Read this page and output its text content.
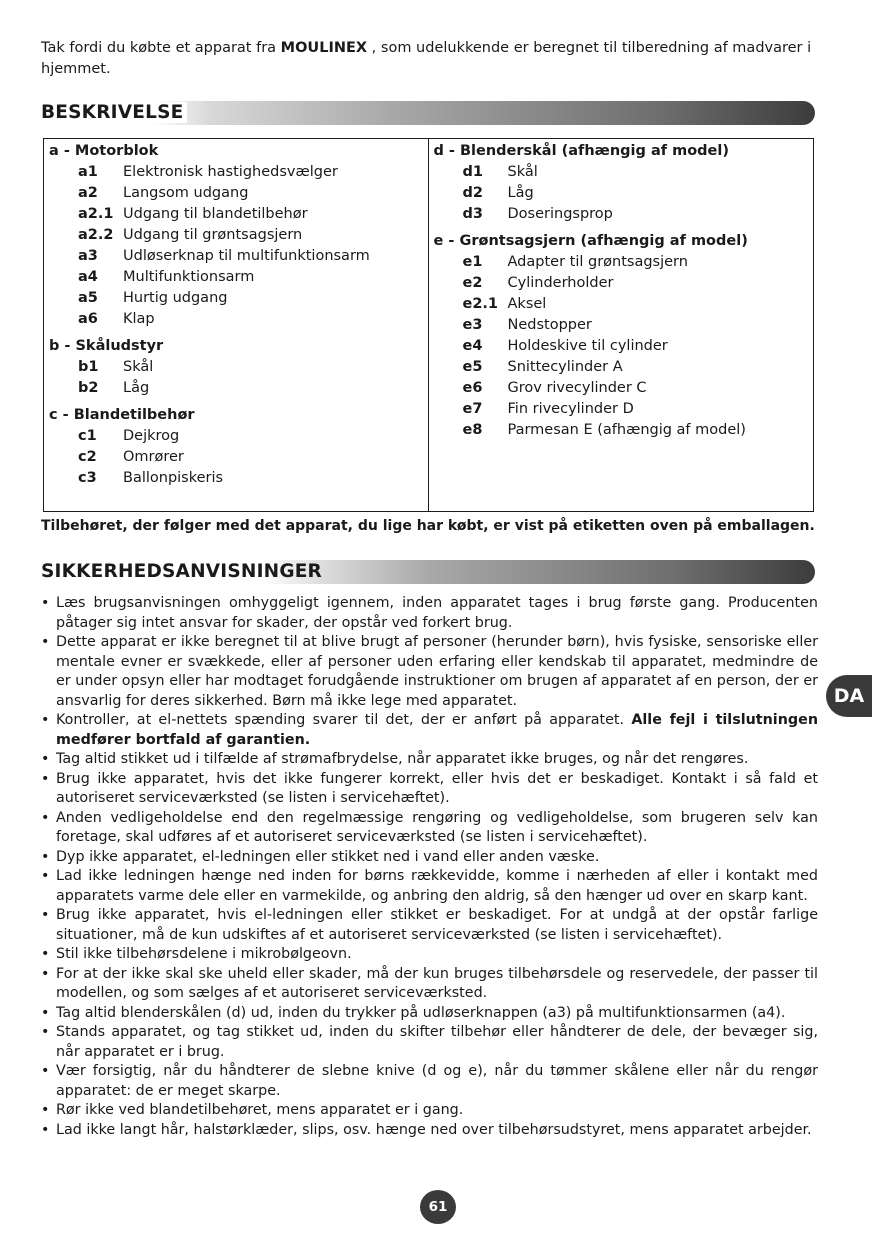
Tak fordi du købte et apparat fra MOULINEX , som udelukkende er beregnet til tilberedning af madvarer i hjemmet.

BESKRIVELSE
a - Motorblok
a1	Elektronisk hastighedsvælger
a2	Langsom udgang
a2.1 Udgang til blandetilbehør
a2.2 Udgang til grøntsagsjern
a3	Udløserknap til multifunktionsarm
a4	Multifunktionsarm
a5	Hurtig udgang
a6	Klap
b - Skåludstyr
b1	Skål
b2	Låg
c - Blandetilbehør
c1	Dejkrog
c2	Omrører
c3	Ballonpiskeris
d - Blenderskål (afhængig af model)
d1	Skål
d2	Låg
d3	Doseringsprop
e - Grøntsagsjern (afhængig af model)
e1	Adapter til grøntsagsjern
e2	Cylinderholder
e2.1 Aksel
e3	Nedstopper
e4	Holdeskive til cylinder
e5	Snittecylinder A
e6	Grov rivecylinder C
e7	Fin rivecylinder D
e8	Parmesan E (afhængig af model)
Tilbehøret, der følger med det apparat, du lige har købt, er vist på etiketten oven på emballagen.
SIKKERHEDSANVISNINGER
• Læs brugsanvisningen omhyggeligt igennem, inden apparatet tages i brug første gang. Producenten påtager sig intet ansvar for skader, der opstår ved forkert brug.
• Dette apparat er ikke beregnet til at blive brugt af personer (herunder børn), hvis fysiske, sensoriske eller mentale evner er svækkede, eller af personer uden erfaring eller kendskab til apparatet, medmindre de er under opsyn eller har modtaget forudgående instruktioner om brugen af apparatet af en person, der er ansvarlig for deres sikkerhed. Børn må ikke lege med apparatet.
• Kontroller, at el-nettets spænding svarer til det, der er anført på apparatet. Alle fejl i tilslutningen medfører bortfald af garantien.
• Tag altid stikket ud i tilfælde af strømafbrydelse, når apparatet ikke bruges, og når det rengøres.
• Brug ikke apparatet, hvis det ikke fungerer korrekt, eller hvis det er beskadiget. Kontakt i så fald et autoriseret serviceværksted (se listen i servicehæftet).
• Anden vedligeholdelse end den regelmæssige rengøring og vedligeholdelse, som brugeren selv kan foretage, skal udføres af et autoriseret serviceværksted (se listen i servicehæftet).
• Dyp ikke apparatet, el-ledningen eller stikket ned i vand eller anden væske.
• Lad ikke ledningen hænge ned inden for børns rækkevidde, komme i nærheden af eller i kontakt med apparatets varme dele eller en varmekilde, og anbring den aldrig, så den hænger ud over en skarp kant.
• Brug ikke apparatet, hvis el-ledningen eller stikket er beskadiget. For at undgå at der opstår farlige situationer, må de kun udskiftes af et autoriseret serviceværksted (se listen i servicehæftet).
• Stil ikke tilbehørsdelene i mikrobølgeovn.
• For at der ikke skal ske uheld eller skader, må der kun bruges tilbehørsdele og reservedele, der passer til modellen, og som sælges af et autoriseret serviceværksted.
• Tag altid blenderskålen (d) ud, inden du trykker på udløserknappen (a3) på multifunktionsarmen (a4).
• Stands apparatet, og tag stikket ud, inden du skifter tilbehør eller håndterer de dele, der bevæger sig, når apparatet er i brug.
• Vær forsigtig, når du håndterer de slebne knive (d og e), når du tømmer skålene eller når du rengør apparatet: de er meget skarpe.
• Rør ikke ved blandetilbehøret, mens apparatet er i gang.
• Lad ikke langt hår, halstørklæder, slips, osv. hænge ned over tilbehørsudstyret, mens apparatet arbejder.
DA
61
